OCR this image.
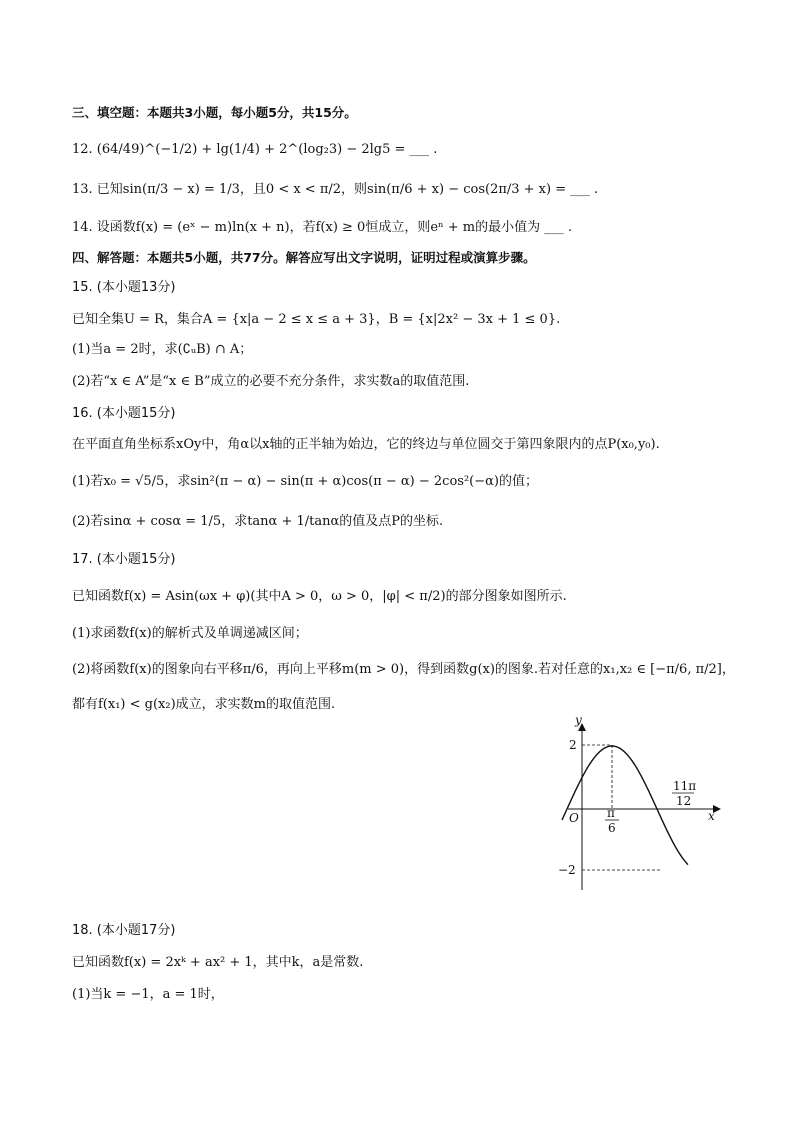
三、填空题：本题共3小题，每小题5分，共15分。
12. (64/49)^(−1/2) + lg(1/4) + 2^(log₂3) − 2lg5 = ___ .
13. 已知sin(π/3 − x) = 1/3，且0 < x < π/2，则sin(π/6 + x) − cos(2π/3 + x) = ___ .
14. 设函数f(x) = (eˣ − m)ln(x + n)，若f(x) ≥ 0恒成立，则eⁿ + m的最小值为 ___ .
四、解答题：本题共5小题，共77分。解答应写出文字说明，证明过程或演算步骤。
15. (本小题13分)
已知全集U = R，集合A = {x|a − 2 ≤ x ≤ a + 3}，B = {x|2x² − 3x + 1 ≤ 0}.
(1)当a = 2时，求(∁ᵤB) ∩ A；
(2)若“x ∈ A”是“x ∈ B”成立的必要不充分条件，求实数a的取值范围.
16. (本小题15分)
在平面直角坐标系xOy中，角α以x轴的正半轴为始边，它的终边与单位圆交于第四象限内的点P(x₀,y₀).
(1)若x₀ = √5/5，求sin²(π − α) − sin(π + α)cos(π − α) − 2cos²(−α)的值；
(2)若sinα + cosα = 1/5，求tanα + 1/tanα的值及点P的坐标.
17. (本小题15分)
已知函数f(x) = Asin(ωx + φ)(其中A > 0，ω > 0，|φ| < π/2)的部分图象如图所示.
(1)求函数f(x)的解析式及单调递减区间；
(2)将函数f(x)的图象向右平移π/6，再向上平移m(m > 0)，得到函数g(x)的图象.若对任意的x₁,x₂ ∈ [−π/6, π/2]，
都有f(x₁) < g(x₂)成立，求实数m的取值范围.
y
x
O
2
−2
π
6
11π
12
18. (本小题17分)
已知函数f(x) = 2xᵏ + ax² + 1，其中k，a是常数.
(1)当k = −1，a = 1时，
